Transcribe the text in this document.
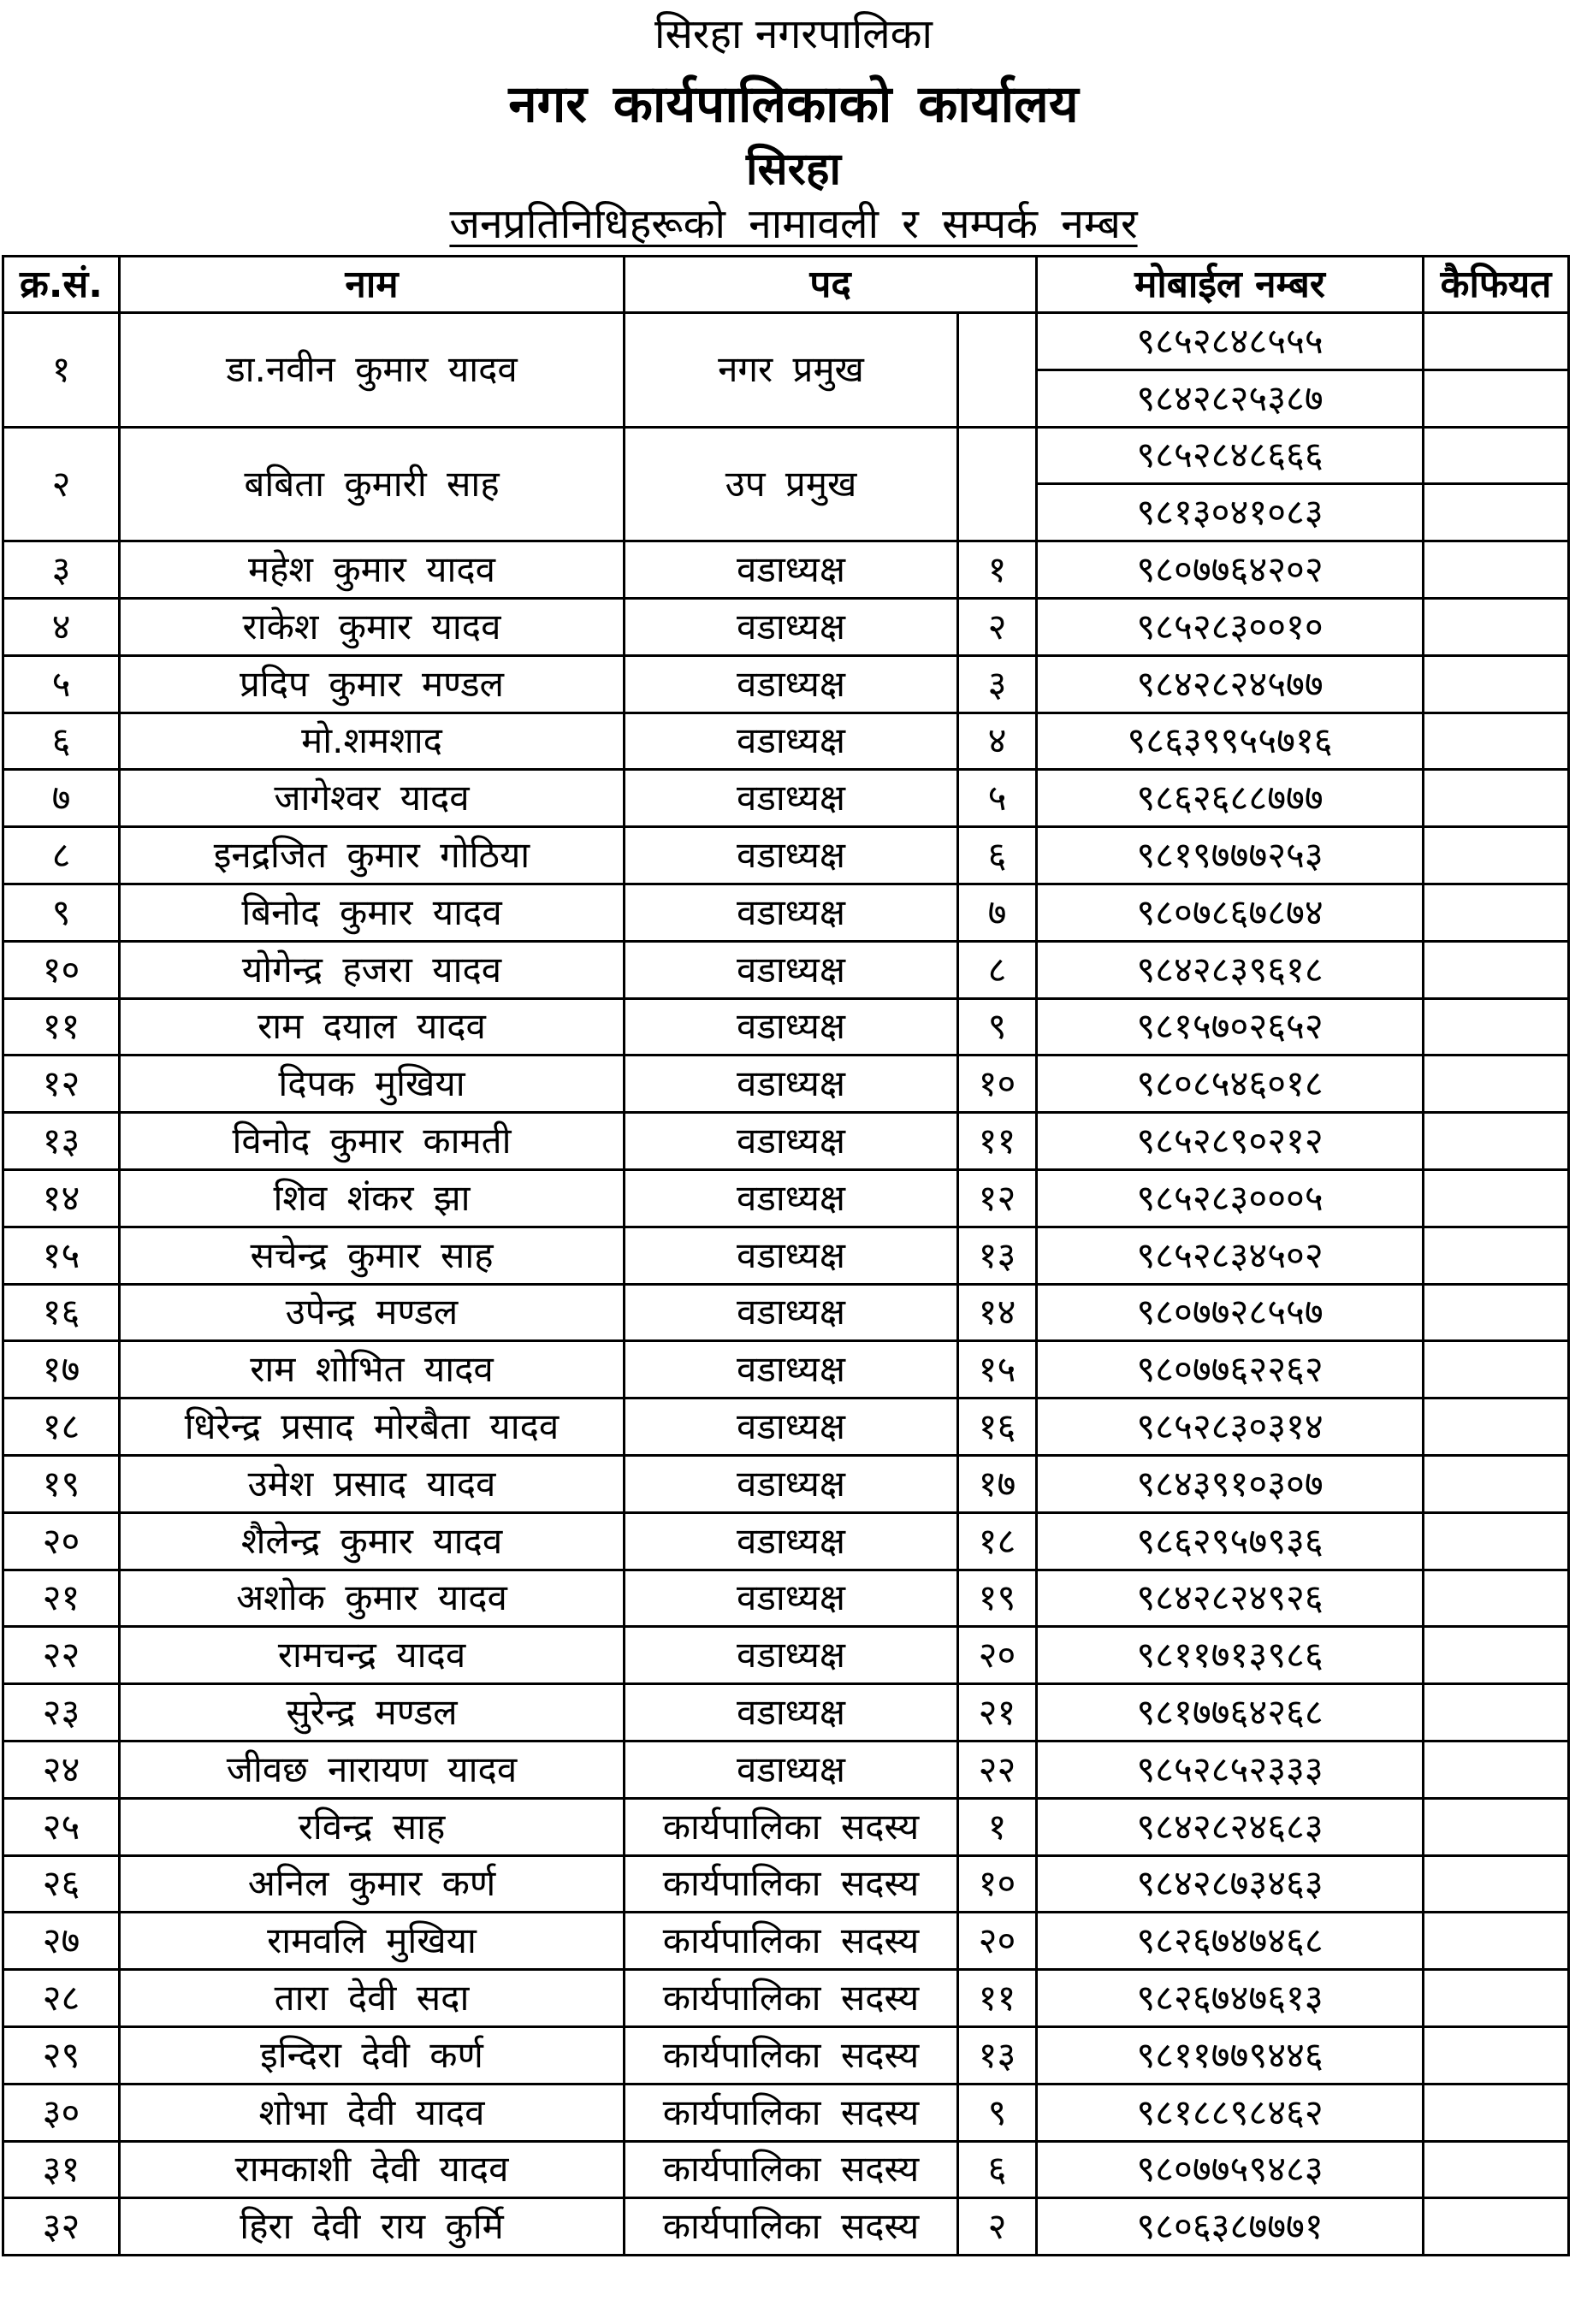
सिरहा नगरपालिका
नगर कार्यपालिकाको कार्यालय
सिरहा
जनप्रतिनिधिहरूको नामावली र सम्पर्क नम्बर
क्र.सं.	नाम	पद		मोबाईल नम्बर	कैफियत
१	डा.नवीन कुमार यादव	नगर प्रमुख		९८५२८४८५५५	
				९८४२८२५३८७	
२	बबिता कुमारी साह	उप प्रमुख		९८५२८४८६६६	
				९८१३०४१०८३	
३	महेश कुमार यादव	वडाध्यक्ष	१	९८०७७६४२०२	
४	राकेश कुमार यादव	वडाध्यक्ष	२	९८५२८३००१०	
५	प्रदिप कुमार मण्डल	वडाध्यक्ष	३	९८४२८२४५७७	
६	मो.शमशाद	वडाध्यक्ष	४	९८६३९९५५७१६	
७	जागेश्वर यादव	वडाध्यक्ष	५	९८६२६८८७७७	
८	इनद्रजित कुमार गोठिया	वडाध्यक्ष	६	९८१९७७७२५३	
९	बिनोद कुमार यादव	वडाध्यक्ष	७	९८०७८६७८७४	
१०	योगेन्द्र हजरा यादव	वडाध्यक्ष	८	९८४२८३९६१८	
११	राम दयाल यादव	वडाध्यक्ष	९	९८१५७०२६५२	
१२	दिपक मुखिया	वडाध्यक्ष	१०	९८०८५४६०१८	
१३	विनोद कुमार कामती	वडाध्यक्ष	११	९८५२८९०२१२	
१४	शिव शंकर झा	वडाध्यक्ष	१२	९८५२८३०००५	
१५	सचेन्द्र कुमार साह	वडाध्यक्ष	१३	९८५२८३४५०२	
१६	उपेन्द्र मण्डल	वडाध्यक्ष	१४	९८०७७२८५५७	
१७	राम शोभित यादव	वडाध्यक्ष	१५	९८०७७६२२६२	
१८	धिरेन्द्र प्रसाद मोरबैता यादव	वडाध्यक्ष	१६	९८५२८३०३१४	
१९	उमेश प्रसाद यादव	वडाध्यक्ष	१७	९८४३९१०३०७	
२०	शैलेन्द्र कुमार यादव	वडाध्यक्ष	१८	९८६२९५७९३६	
२१	अशोक कुमार यादव	वडाध्यक्ष	१९	९८४२८२४९२६	
२२	रामचन्द्र यादव	वडाध्यक्ष	२०	९८११७१३९८६	
२३	सुरेन्द्र मण्डल	वडाध्यक्ष	२१	९८१७७६४२६८	
२४	जीवछ नारायण यादव	वडाध्यक्ष	२२	९८५२८५२३३३	
२५	रविन्द्र साह	कार्यपालिका सदस्य	१	९८४२८२४६८३	
२६	अनिल कुमार कर्ण	कार्यपालिका सदस्य	१०	९८४२८७३४६३	
२७	रामवलि मुखिया	कार्यपालिका सदस्य	२०	९८२६७४७४६८	
२८	तारा देवी सदा	कार्यपालिका सदस्य	११	९८२६७४७६१३	
२९	इन्दिरा देवी कर्ण	कार्यपालिका सदस्य	१३	९८११७७९४४६	
३०	शोभा देवी यादव	कार्यपालिका सदस्य	९	९८१८८९८४६२	
३१	रामकाशी देवी यादव	कार्यपालिका सदस्य	६	९८०७७५९४८३	
३२	हिरा देवी राय कुर्मि	कार्यपालिका सदस्य	२	९८०६३८७७७१	
